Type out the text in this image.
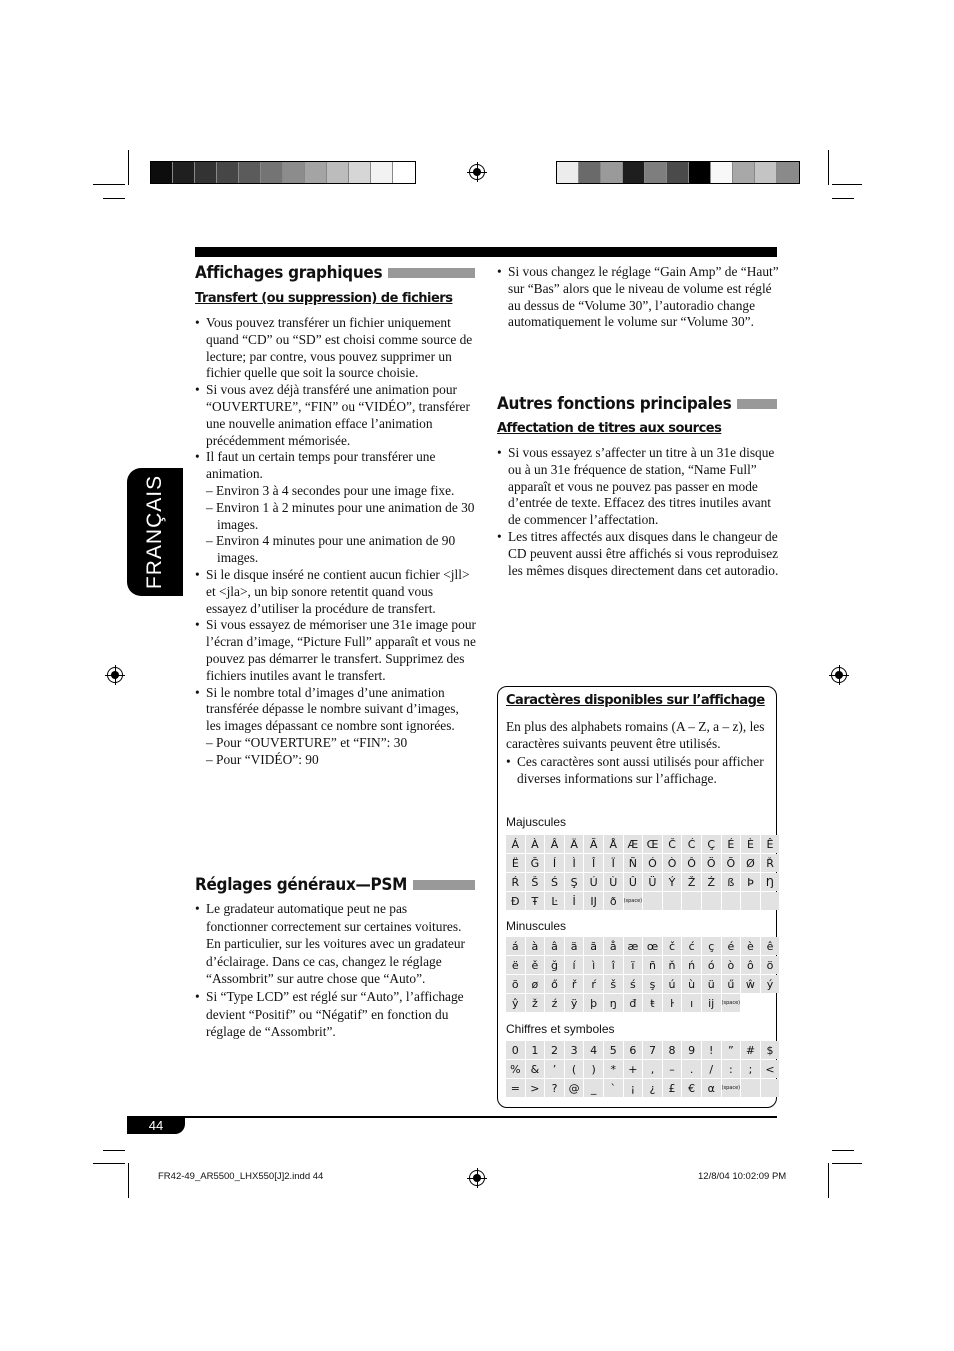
FRANÇAIS
Affichages graphiques
Transfert (ou suppression) de fichiers
• Vous pouvez transférer un fichier uniquement quand “CD” ou “SD” est choisi comme source de lecture; par contre, vous pouvez supprimer un fichier quelle que soit la source choisie.
• Si vous avez déjà transféré une animation pour “OUVERTURE”, “FIN” ou “VIDÉO”, transférer une nouvelle animation efface l’animation précédemment mémorisée.
• Il faut un certain temps pour transférer une animation.
– Environ 3 à 4 secondes pour une image fixe.
– Environ 1 à 2 minutes pour une animation de 30 images.
– Environ 4 minutes pour une animation de 90 images.
• Si le disque inséré ne contient aucun fichier <jll> et <jla>, un bip sonore retentit quand vous essayez d’utiliser la procédure de transfert.
• Si vous essayez de mémoriser une 31e image pour l’écran d’image, “Picture Full” apparaît et vous ne pouvez pas démarrer le transfert. Supprimez des fichiers inutiles avant le transfert.
• Si le nombre total d’images d’une animation transférée dépasse le nombre suivant d’images, les images dépassant ce nombre sont ignorées.
– Pour “OUVERTURE” et “FIN”: 30
– Pour “VIDÉO”: 90
Réglages généraux—PSM
• Le gradateur automatique peut ne pas fonctionner correctement sur certaines voitures. En particulier, sur les voitures avec un gradateur d’éclairage. Dans ce cas, changez le réglage “Assombrit” sur autre chose que “Auto”.
• Si “Type LCD” est réglé sur “Auto”, l’affichage devient “Positif” ou “Négatif” en fonction du réglage de “Assombrit”.
• Si vous changez le réglage “Gain Amp” de “Haut” sur “Bas” alors que le niveau de volume est réglé au dessus de “Volume 30”, l’autoradio change automatiquement le volume sur “Volume 30”.
Autres fonctions principales
Affectation de titres aux sources
• Si vous essayez s’affecter un titre à un 31e disque ou à un 31e fréquence de station, “Name Full” apparaît et vous ne pouvez pas passer en mode d’entrée de texte. Effacez des titres inutiles avant de commencer l’affectation.
• Les titres affectés aux disques dans le changeur de CD peuvent aussi être affichés si vous reproduisez les mêmes disques directement dans cet autoradio.
Caractères disponibles sur l’affichage
En plus des alphabets romains (A – Z, a – z), les caractères suivants peuvent être utilisés.
• Ces caractères sont aussi utilisés pour afficher diverses informations sur l’affichage.
Majuscules
Á	À	Â	Ä	Ã	Å Æ Œ Č	Ć	Ç	É	È	Ê
Ë	Ğ	Í	Ì	Î	Ï	Ñ	Ó Ò Ô Ö Õ Ø	Ř
Ŕ	Š	Ś	Ş	Ú	Ù	Û	Ü	Ý	Ž	Ź	ß	Þ	Ŋ
Đ	Ŧ	Ŀ	İ	Ĳ	ð	(space)
Minuscules
á	à	â	ä	ã	å æ œ č	ć	ç	é	è	ê
ë	ě	ğ	í	ì	î	ï	ñ	ň	ń	ó	ò	ô	ö
õ	ø	ő	ř	ŕ	š	ś	ş	ú	ù	ü	ű	ŵ	ý
ŷ	ž	ź	ÿ	þ	ŋ	đ	ŧ	ŀ	ı	ĳ	(space)
Chiffres et symboles
0	1	2	3	4	5	6	7	8	9	!	”	#	$
% &	’	(	)	*	+	,	–	.	/	:	;	<
= >	?	@	_	`	¡	¿	£	€	α	(space)
44
FR42-49_AR5500_LHX550[J]2.indd 44	12/8/04 10:02:09 PM
